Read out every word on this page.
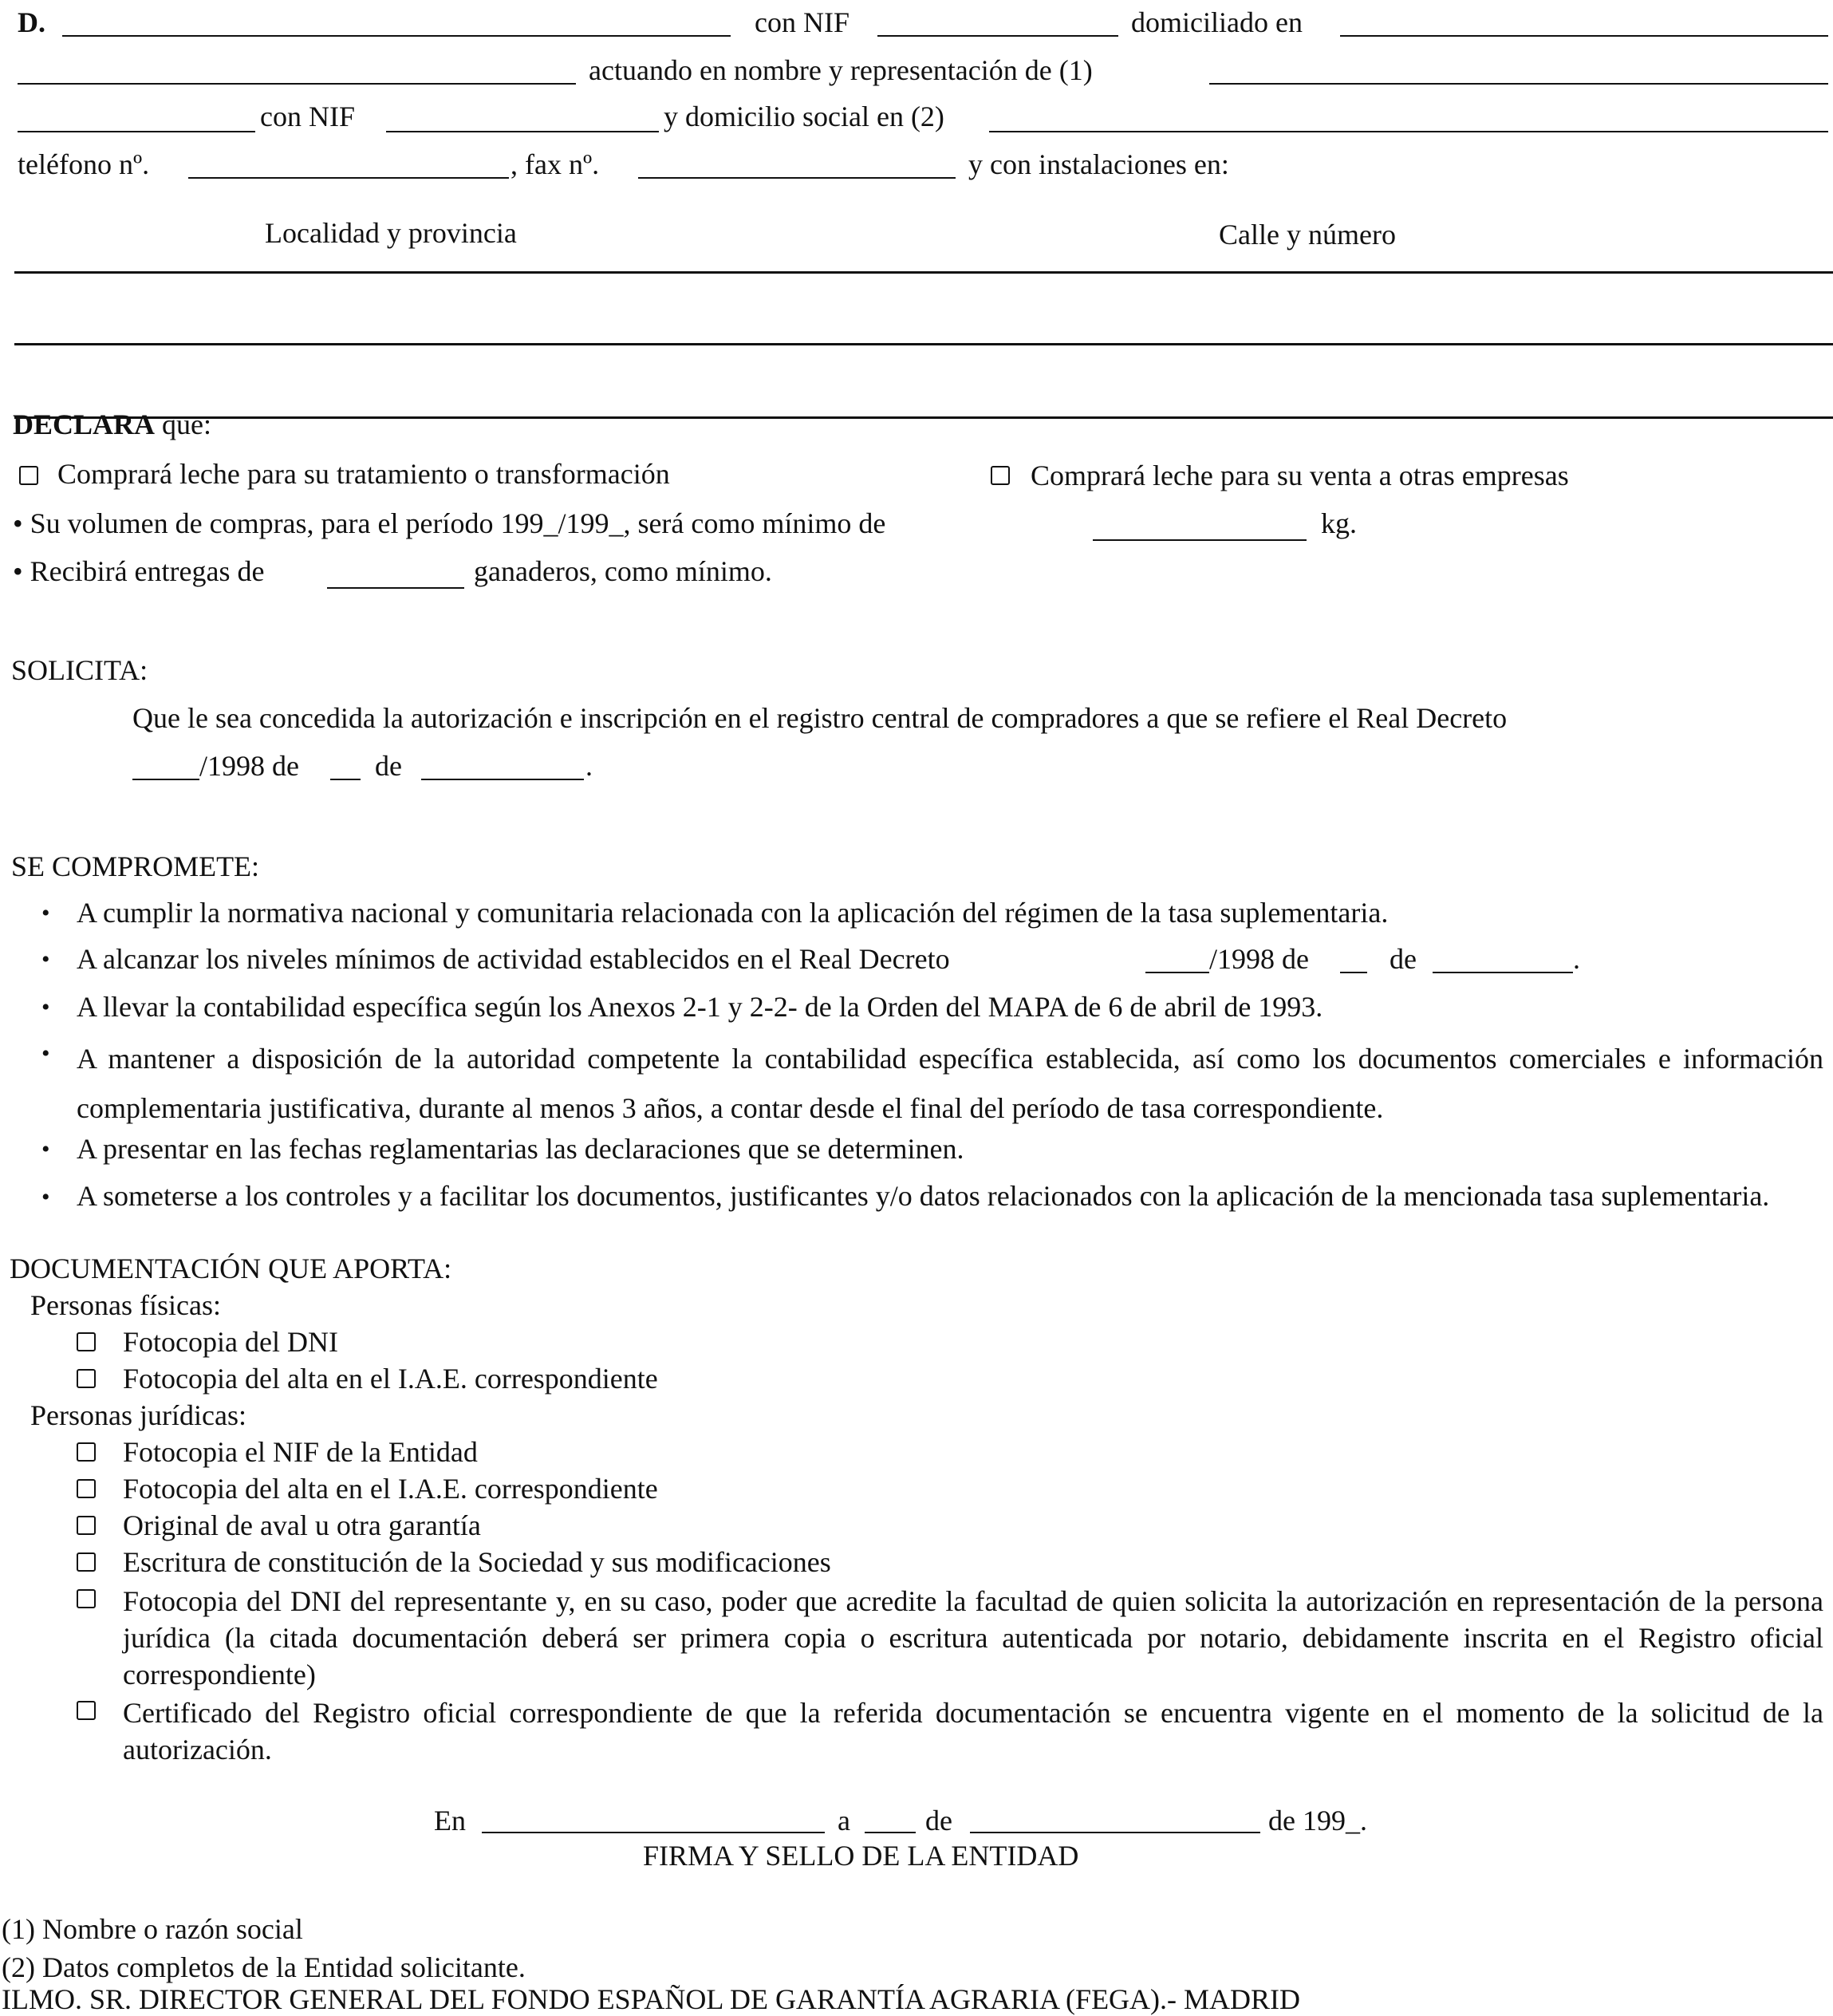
D.	con NIF	domiciliado en
actuando en nombre y representación de (1)
con NIF	y domicilio social en (2)
teléfono nº.	, fax nº.	y con instalaciones en:
Localidad y provincia	Calle y número
DECLARA que:
Comprará leche para su tratamiento o transformación	Comprará leche para su venta a otras empresas
• Su volumen de compras, para el período 199_/199_, será como mínimo de	kg.
• Recibirá entregas de	ganaderos, como mínimo.
SOLICITA:
Que le sea concedida la autorización e inscripción en el registro central de compradores a que se refiere el Real Decreto
/1998 de	de	.
SE COMPROMETE:
• A cumplir la normativa nacional y comunitaria relacionada con la aplicación del régimen de la tasa suplementaria.
• A alcanzar los niveles mínimos de actividad establecidos en el Real Decreto	/1998 de	de	.
• A llevar la contabilidad específica según los Anexos 2-1 y 2-2- de la Orden del MAPA de 6 de abril de 1993.
• A mantener a disposición de la autoridad competente la contabilidad específica establecida, así como los documentos comerciales e información complementaria justificativa, durante al menos 3 años, a contar desde el final del período de tasa correspondiente.
• A presentar en las fechas reglamentarias las declaraciones que se determinen.
• A someterse a los controles y a facilitar los documentos, justificantes y/o datos relacionados con la aplicación de la mencionada tasa suplementaria.
DOCUMENTACIÓN QUE APORTA:
Personas físicas:
Fotocopia del DNI
Fotocopia del alta en el I.A.E. correspondiente
Personas jurídicas:
Fotocopia el NIF de la Entidad
Fotocopia del alta en el I.A.E. correspondiente
Original de aval u otra garantía
Escritura de constitución de la Sociedad y sus modificaciones
Fotocopia del DNI del representante y, en su caso, poder que acredite la facultad de quien solicita la autorización en representación de la persona jurídica (la citada documentación deberá ser primera copia o escritura autenticada por notario, debidamente inscrita en el Registro oficial correspondiente)
Certificado del Registro oficial correspondiente de que la referida documentación se encuentra vigente en el momento de la solicitud de la autorización.
En	a	de	de 199_.
FIRMA Y SELLO DE LA ENTIDAD
(1) Nombre o razón social
(2) Datos completos de la Entidad solicitante.
ILMO. SR. DIRECTOR GENERAL DEL FONDO ESPAÑOL DE GARANTÍA AGRARIA (FEGA).- MADRID
